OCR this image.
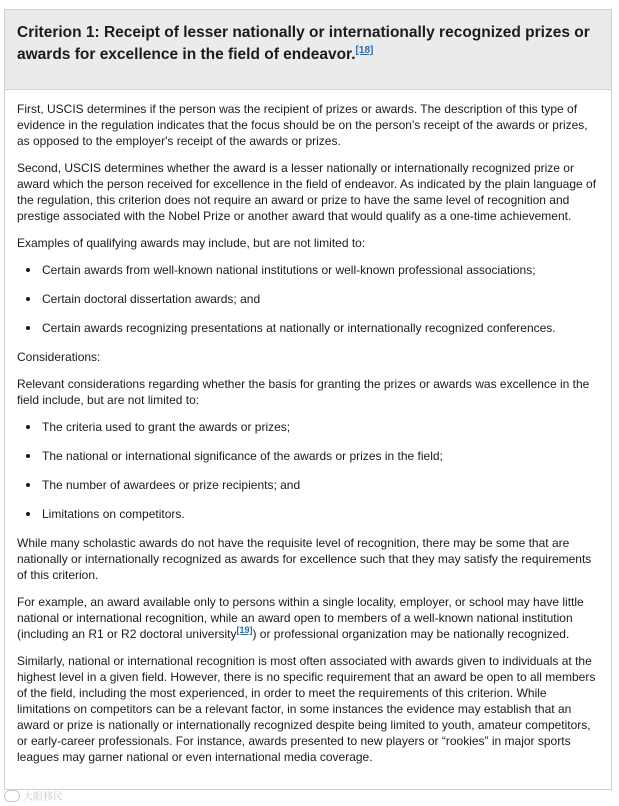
Criterion 1: Receipt of lesser nationally or internationally recognized prizes or awards for excellence in the field of endeavor.[18]

First, USCIS determines if the person was the recipient of prizes or awards. The description of this type of evidence in the regulation indicates that the focus should be on the person's receipt of the awards or prizes, as opposed to the employer's receipt of the awards or prizes.

Second, USCIS determines whether the award is a lesser nationally or internationally recognized prize or award which the person received for excellence in the field of endeavor. As indicated by the plain language of the regulation, this criterion does not require an award or prize to have the same level of recognition and prestige associated with the Nobel Prize or another award that would qualify as a one-time achievement.

Examples of qualifying awards may include, but are not limited to:

Certain awards from well-known national institutions or well-known professional associations;
Certain doctoral dissertation awards; and
Certain awards recognizing presentations at nationally or internationally recognized conferences.

Considerations:

Relevant considerations regarding whether the basis for granting the prizes or awards was excellence in the field include, but are not limited to:

The criteria used to grant the awards or prizes;
The national or international significance of the awards or prizes in the field;
The number of awardees or prize recipients; and
Limitations on competitors.

While many scholastic awards do not have the requisite level of recognition, there may be some that are nationally or internationally recognized as awards for excellence such that they may satisfy the requirements of this criterion.

For example, an award available only to persons within a single locality, employer, or school may have little national or international recognition, while an award open to members of a well-known national institution (including an R1 or R2 doctoral university[19]) or professional organization may be nationally recognized.

Similarly, national or international recognition is most often associated with awards given to individuals at the highest level in a given field. However, there is no specific requirement that an award be open to all members of the field, including the most experienced, in order to meet the requirements of this criterion. While limitations on competitors can be a relevant factor, in some instances the evidence may establish that an award or prize is nationally or internationally recognized despite being limited to youth, amateur competitors, or early-career professionals. For instance, awards presented to new players or “rookies” in major sports leagues may garner national or even international media coverage.

大眼移民
